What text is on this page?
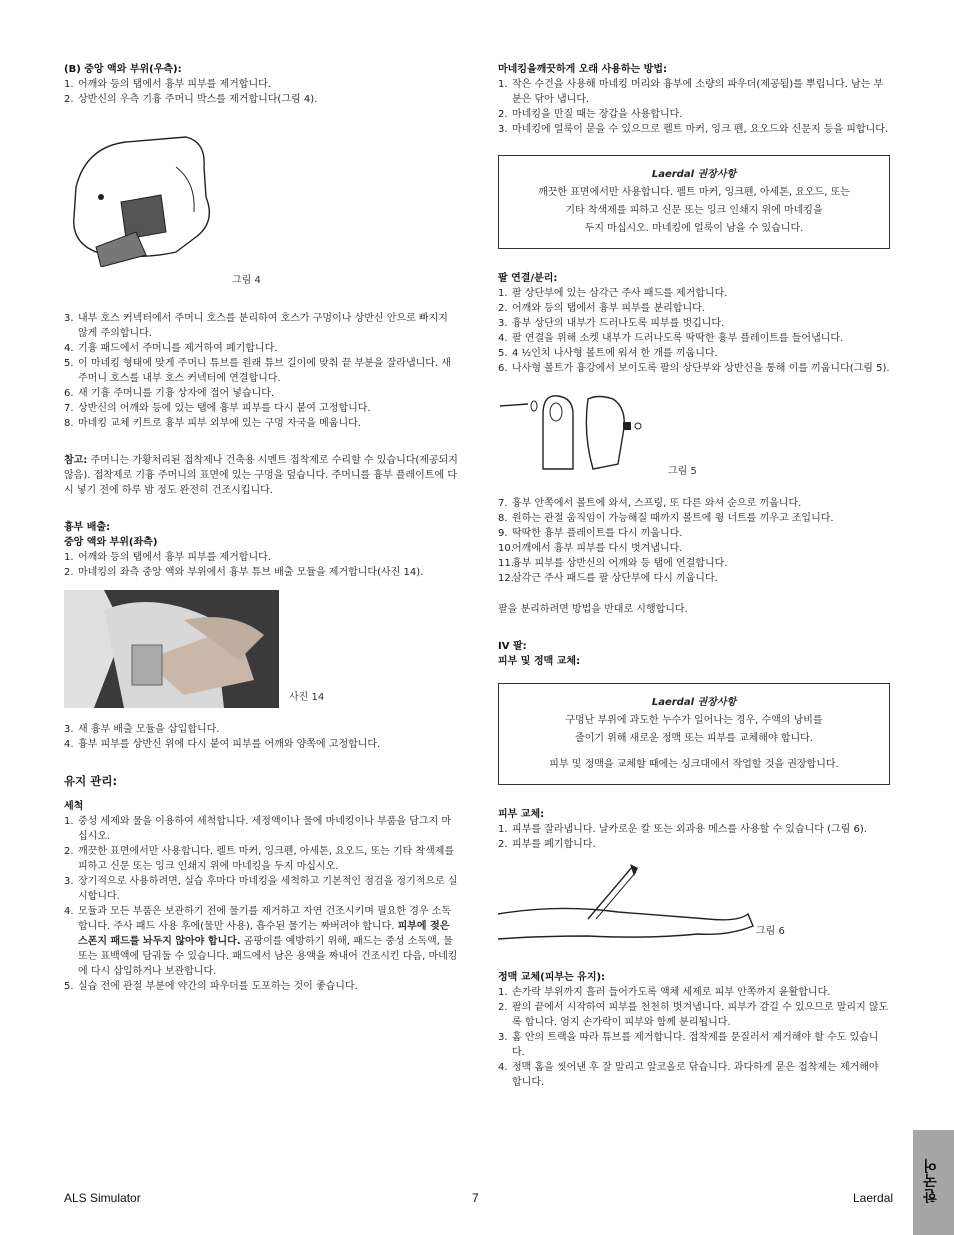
(B) 중앙 액와 부위(우측):

1. 어깨와 등의 탭에서 흉부 피부를 제거합니다.
2. 상반신의 우측 기흉 주머니 박스를 제거합니다(그림 4).
그림 4
3. 내부 호스 커넥터에서 주머니 호스를 분리하여 호스가 구멍이나 상반신 안으로 빠지지 않게 주의합니다.
4. 기흉 패드에서 주머니를 제거하여 폐기합니다.
5. 이 마네킹 형태에 맞게 주머니 튜브를 원래 튜브 길이에 맞춰 끝 부분을 잘라냅니다. 새 주머니 호스를 내부 호스 커넥터에 연결합니다.
6. 새 기흉 주머니를 기흉 상자에 접어 넣습니다.
7. 상반신의 어깨와 등에 있는 탭에 흉부 피부를 다시 붙여 고정합니다.
8. 마네킹 교체 키트로 흉부 피부 외부에 있는 구멍 자국을 메웁니다.

참고: 주머니는 가황처리된 접착제나 건축용 시멘트 접착제로 수리할 수 있습니다(제공되지 않음). 접착제로 기흉 주머니의 표면에 있는 구멍을 덮습니다. 주머니를 흉부 플레이트에 다시 넣기 전에 하루 밤 정도 완전히 건조시킵니다.

흉부 배출:

중앙 액와 부위(좌측)

1. 어깨와 등의 탭에서 흉부 피부를 제거합니다.
2. 마네킹의 좌측 중앙 액와 부위에서 흉부 튜브 배출 모듈을 제거합니다(사진 14).
사진 14
3. 새 흉부 배출 모듈을 삽입합니다.
4. 흉부 피부를 상반신 위에 다시 붙여 피부를 어깨와 양쪽에 고정합니다.

유지 관리:

세척

1. 중성 세제와 물을 이용하여 세척합니다. 세정액이나 물에 마네킹이나 부품을 담그지 마십시오.
2. 깨끗한 표면에서만 사용합니다. 펠트 마커, 잉크펜, 아세톤, 요오드, 또는 기타 착색제를 피하고 신문 또는 잉크 인쇄지 위에 마네킹을 두지 마십시오.
3. 장기적으로 사용하려면, 실습 후마다 마네킹을 세척하고 기본적인 점검을 정기적으로 실시합니다.
4. 모듈과 모든 부품은 보관하기 전에 물기를 제거하고 자연 건조시키며 필요한 경우 소독합니다. 주사 패드 사용 후에(물만 사용), 흡수된 물기는 짜버려야 합니다. 피부에 젖은 스폰지 패드를 놔두지 않아야 합니다. 곰팡이를 예방하기 위해, 패드는 중성 소독액, 물 또는 표백액에 담궈둘 수 있습니다. 패드에서 남은 용액을 짜내어 건조시킨 다음, 마네킹에 다시 삽입하거나 보관합니다.
5. 실습 전에 관절 부분에 약간의 파우더를 도포하는 것이 좋습니다.

마네킹을깨끗하게 오래 사용하는 방법:

1. 작은 수건을 사용해 마네킹 머리와 흉부에 소량의 파우더(제공됨)를 뿌립니다. 남는 부분은 닦아 냅니다.
2. 마네킹을 만질 때는 장갑을 사용합니다.
3. 마네킹에 얼룩이 묻을 수 있으므로 펠트 마커, 잉크 펜, 요오드와 신문지 등을 피합니다.
Laerdal 권장사항
깨끗한 표면에서만 사용합니다. 펠트 마커, 잉크펜, 아세톤, 요오드, 또는
기타 착색제를 피하고 신문 또는 잉크 인쇄지 위에 마네킹을
두지 마십시오. 마네킹에 얼룩이 남을 수 있습니다.

팔 연결/분리:

1. 팔 상단부에 있는 삼각근 주사 패드를 제거합니다.
2. 어깨와 등의 탭에서 흉부 피부를 분리합니다.
3. 흉부 상단의 내부가 드러나도록 피부를 벗깁니다.
4. 팔 연결을 위해 소켓 내부가 드러나도록 딱딱한 흉부 플레이트를 들어냅니다.
5. 4 ½인치 나사형 볼트에 워셔 한 개를 끼웁니다.
6. 나사형 볼트가 흉강에서 보이도록 팔의 상단부와 상반신을 통해 이를 끼웁니다(그림 5).
그림 5
7. 흉부 안쪽에서 볼트에 와셔, 스프링, 또 다른 와셔 순으로 끼웁니다.
8. 원하는 관절 움직임이 가능해질 때까지 볼트에 윙 너트를 끼우고 조입니다.
9. 딱딱한 흉부 플레이트를 다시 끼웁니다.
10.
어깨에서 흉부 피부를 다시 벗겨냅니다.
11.
흉부 피부를 상반신의 어깨와 등 탭에 연결합니다.
12.
삼각근 주사 패드를 팔 상단부에 다시 끼웁니다.

팔을 분리하려면 방법을 반대로 시행합니다.

IV 팔:

피부 및 정맥 교체:

Laerdal 권장사항
구멍난 부위에 과도한 누수가 일어나는 경우, 수액의 낭비를
줄이기 위해 새로운 정맥 또는 피부를 교체해야 합니다.
피부 및 정맥을 교체할 때에는 싱크대에서 작업할 것을 권장합니다.

피부 교체:

1. 피부를 잘라냅니다. 날카로운 칼 또는 외과용 메스를 사용할 수 있습니다 (그림 6).
2. 피부를 폐기합니다.
그림 6

정맥 교체(피부는 유지):

1. 손가락 부위까지 흘러 들어가도록 액체 세제로 피부 안쪽까지 윤활합니다.
2. 팔의 끝에서 시작하여 피부를 천천히 벗겨냅니다. 피부가 감길 수 있으므로 말리지 않도록 합니다. 엄지 손가락이 피부와 함께 분리됩니다.
3. 홈 안의 트랙을 따라 튜브를 제거합니다. 접착제를 문질러서 제거해야 할 수도 있습니다.
4. 정맥 홈을 씻어낸 후 잘 말리고 알코올로 닦습니다. 과다하게 묻은 접착제는 제거해야 합니다.
ALS Simulator	7	Laerdal 한국어
